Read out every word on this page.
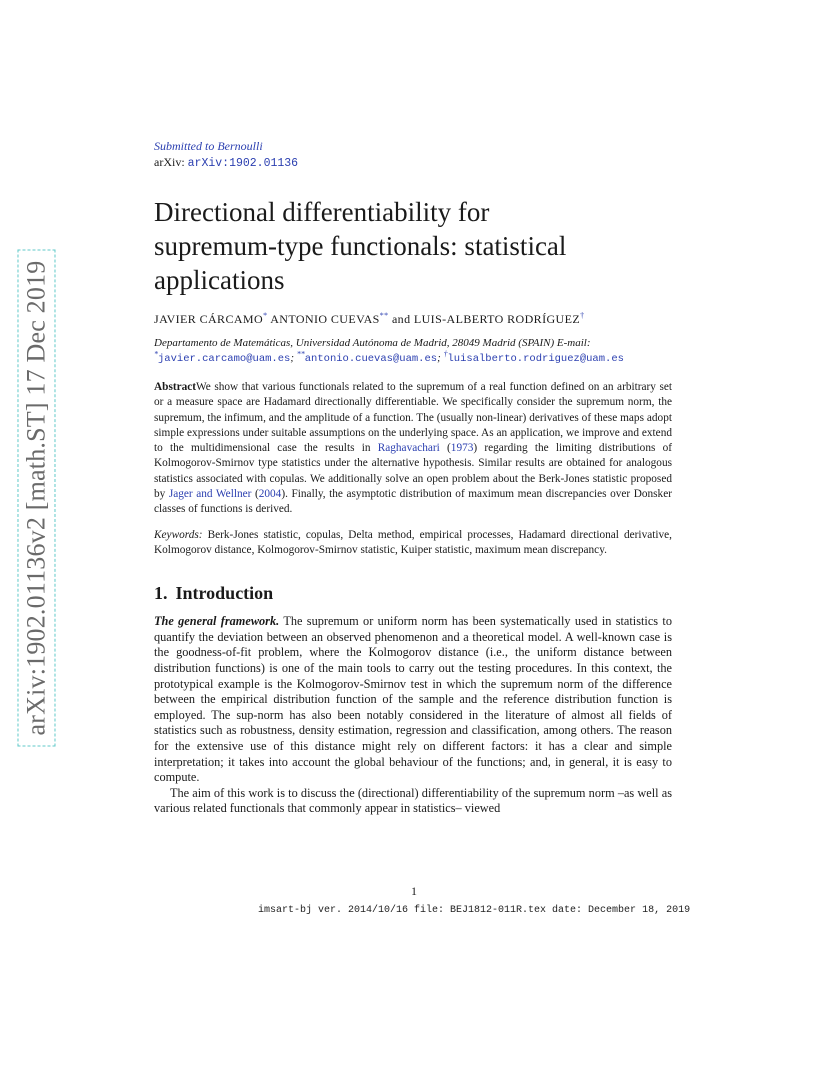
arXiv:1902.01136v2 [math.ST] 17 Dec 2019
Submitted to Bernoulli
arXiv: arXiv:1902.01136
Directional differentiability for
supremum-type functionals: statistical
applications
JAVIER CÁRCAMO* ANTONIO CUEVAS** and LUIS-ALBERTO RODRÍGUEZ†
Departamento de Matemáticas, Universidad Autónoma de Madrid, 28049 Madrid (SPAIN) E-mail: *javier.carcamo@uam.es; **antonio.cuevas@uam.es; †luisalberto.rodriguez@uam.es
AbstractWe show that various functionals related to the supremum of a real function defined on an arbitrary set or a measure space are Hadamard directionally differentiable. We specifically consider the supremum norm, the supremum, the infimum, and the amplitude of a function. The (usually non-linear) derivatives of these maps adopt simple expressions under suitable assumptions on the underlying space. As an application, we improve and extend to the multidimensional case the results in Raghavachari (1973) regarding the limiting distributions of Kolmogorov-Smirnov type statistics under the alternative hypothesis. Similar results are obtained for analogous statistics associated with copulas. We additionally solve an open problem about the Berk-Jones statistic proposed by Jager and Wellner (2004). Finally, the asymptotic distribution of maximum mean discrepancies over Donsker classes of functions is derived.
Keywords: Berk-Jones statistic, copulas, Delta method, empirical processes, Hadamard directional derivative, Kolmogorov distance, Kolmogorov-Smirnov statistic, Kuiper statistic, maximum mean discrepancy.
1. Introduction
The general framework. The supremum or uniform norm has been systematically used in statistics to quantify the deviation between an observed phenomenon and a theoretical model. A well-known case is the goodness-of-fit problem, where the Kolmogorov distance (i.e., the uniform distance between distribution functions) is one of the main tools to carry out the testing procedures. In this context, the prototypical example is the Kolmogorov-Smirnov test in which the supremum norm of the difference between the empirical distribution function of the sample and the reference distribution function is employed. The sup-norm has also been notably considered in the literature of almost all fields of statistics such as robustness, density estimation, regression and classification, among others. The reason for the extensive use of this distance might rely on different factors: it has a clear and simple interpretation; it takes into account the global behaviour of the functions; and, in general, it is easy to compute.
The aim of this work is to discuss the (directional) differentiability of the supremum norm –as well as various related functionals that commonly appear in statistics– viewed
1
imsart-bj ver. 2014/10/16 file: BEJ1812-011R.tex date: December 18, 2019
